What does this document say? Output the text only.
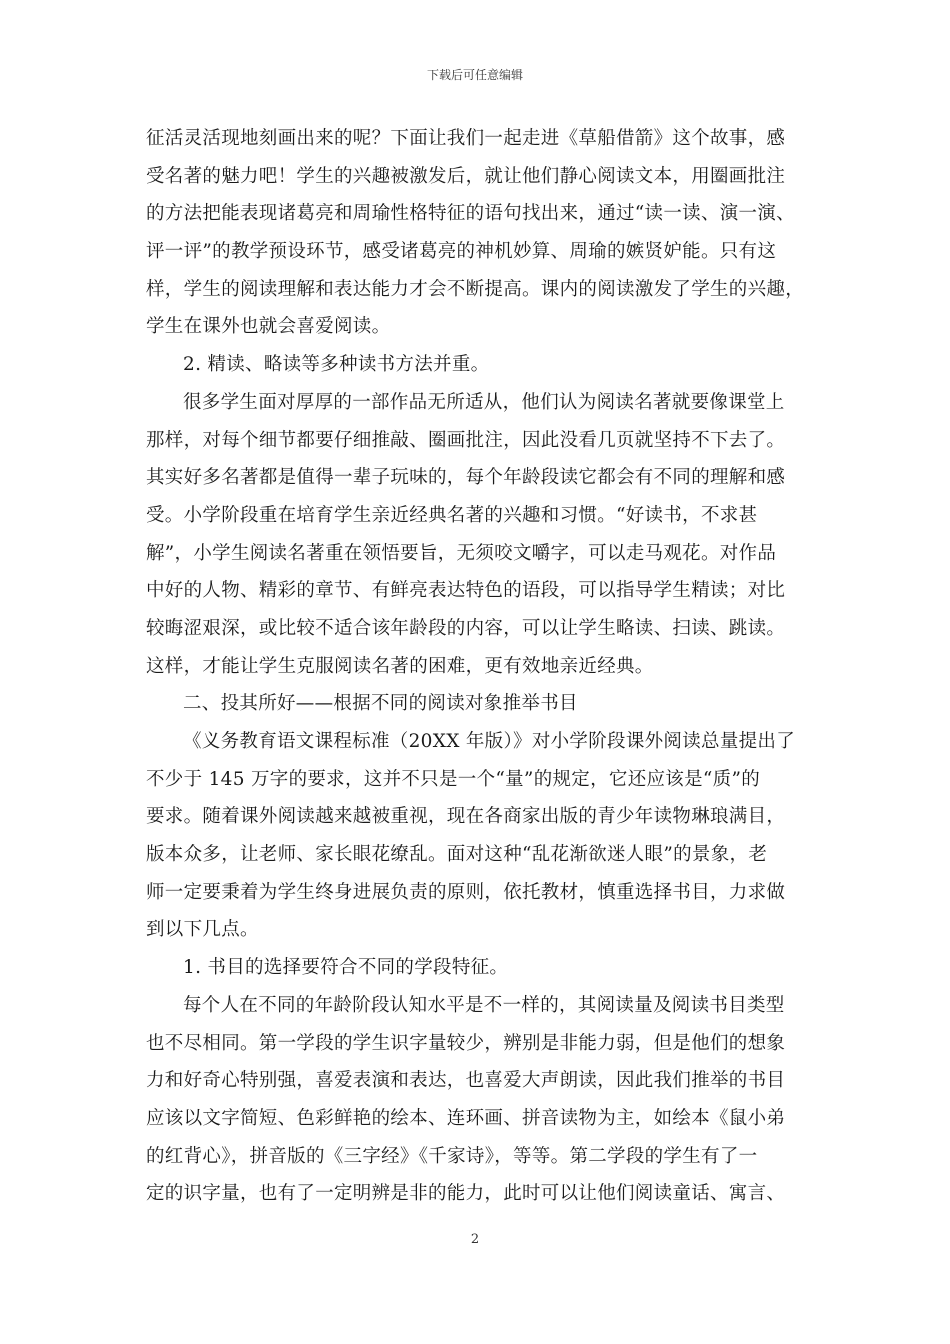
下载后可任意编辑
征活灵活现地刻画出来的呢？下面让我们一起走进《草船借箭》这个故事，感
受名著的魅力吧！学生的兴趣被激发后，就让他们静心阅读文本，用圈画批注
的方法把能表现诸葛亮和周瑜性格特征的语句找出来，通过“读一读、演一演、
评一评”的教学预设环节，感受诸葛亮的神机妙算、周瑜的嫉贤妒能。只有这
样，学生的阅读理解和表达能力才会不断提高。课内的阅读激发了学生的兴趣，
学生在课外也就会喜爱阅读。
2. 精读、略读等多种读书方法并重。
很多学生面对厚厚的一部作品无所适从，他们认为阅读名著就要像课堂上
那样，对每个细节都要仔细推敲、圈画批注，因此没看几页就坚持不下去了。
其实好多名著都是值得一辈子玩味的，每个年龄段读它都会有不同的理解和感
受。小学阶段重在培育学生亲近经典名著的兴趣和习惯。“好读书，不求甚
解”，小学生阅读名著重在领悟要旨，无须咬文嚼字，可以走马观花。对作品
中好的人物、精彩的章节、有鲜亮表达特色的语段，可以指导学生精读；对比
较晦涩艰深，或比较不适合该年龄段的内容，可以让学生略读、扫读、跳读。
这样，才能让学生克服阅读名著的困难，更有效地亲近经典。
二、投其所好——根据不同的阅读对象推举书目
《义务教育语文课程标准（20XX 年版）》对小学阶段课外阅读总量提出了
不少于 145 万字的要求，这并不只是一个“量”的规定，它还应该是“质”的
要求。随着课外阅读越来越被重视，现在各商家出版的青少年读物琳琅满目，
版本众多，让老师、家长眼花缭乱。面对这种“乱花渐欲迷人眼”的景象，老
师一定要秉着为学生终身进展负责的原则，依托教材，慎重选择书目，力求做
到以下几点。
1. 书目的选择要符合不同的学段特征。
每个人在不同的年龄阶段认知水平是不一样的，其阅读量及阅读书目类型
也不尽相同。第一学段的学生识字量较少，辨别是非能力弱，但是他们的想象
力和好奇心特别强，喜爱表演和表达，也喜爱大声朗读，因此我们推举的书目
应该以文字简短、色彩鲜艳的绘本、连环画、拼音读物为主，如绘本《鼠小弟
的红背心》，拼音版的《三字经》《千家诗》，等等。第二学段的学生有了一
定的识字量，也有了一定明辨是非的能力，此时可以让他们阅读童话、寓言、
2
